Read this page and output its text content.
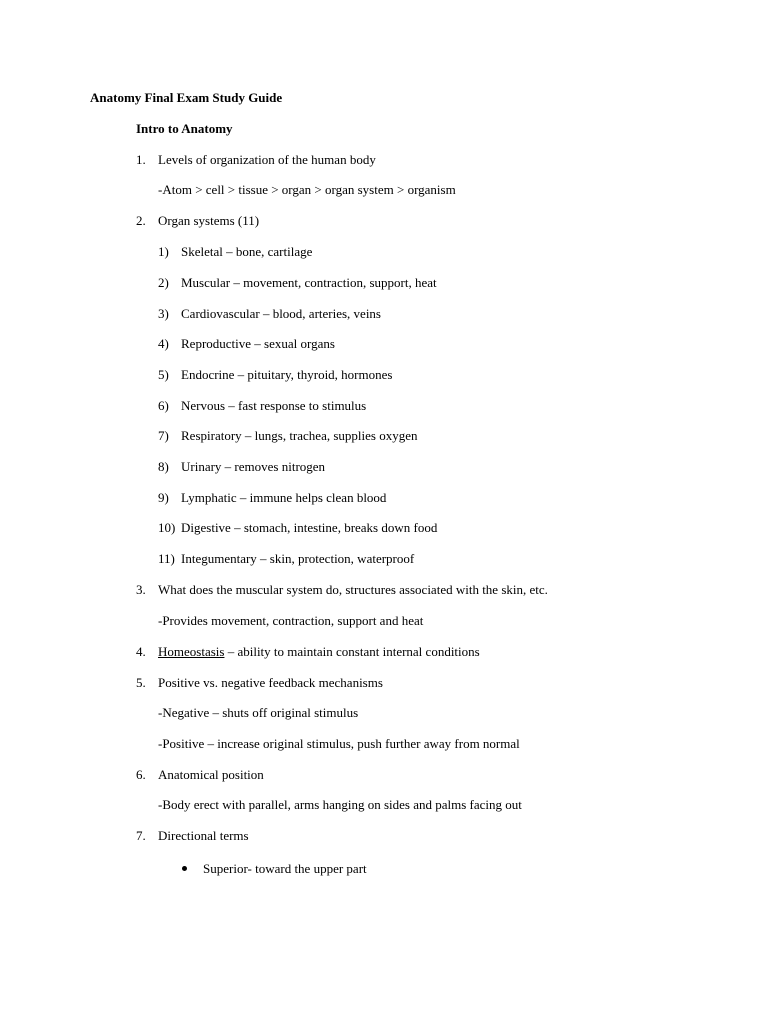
Anatomy Final Exam Study Guide
Intro to Anatomy
1. Levels of organization of the human body
-Atom > cell > tissue > organ > organ system > organism
2. Organ systems (11)
1) Skeletal – bone, cartilage
2) Muscular – movement, contraction, support, heat
3) Cardiovascular – blood, arteries, veins
4) Reproductive – sexual organs
5) Endocrine – pituitary, thyroid, hormones
6) Nervous – fast response to stimulus
7) Respiratory – lungs, trachea, supplies oxygen
8) Urinary – removes nitrogen
9) Lymphatic – immune helps clean blood
10) Digestive – stomach, intestine, breaks down food
11) Integumentary – skin, protection, waterproof
3. What does the muscular system do, structures associated with the skin, etc.
-Provides movement, contraction, support and heat
4. Homeostasis – ability to maintain constant internal conditions
5. Positive vs. negative feedback mechanisms
-Negative – shuts off original stimulus
-Positive – increase original stimulus, push further away from normal
6. Anatomical position
-Body erect with parallel, arms hanging on sides and palms facing out
7. Directional terms
Superior- toward the upper part
